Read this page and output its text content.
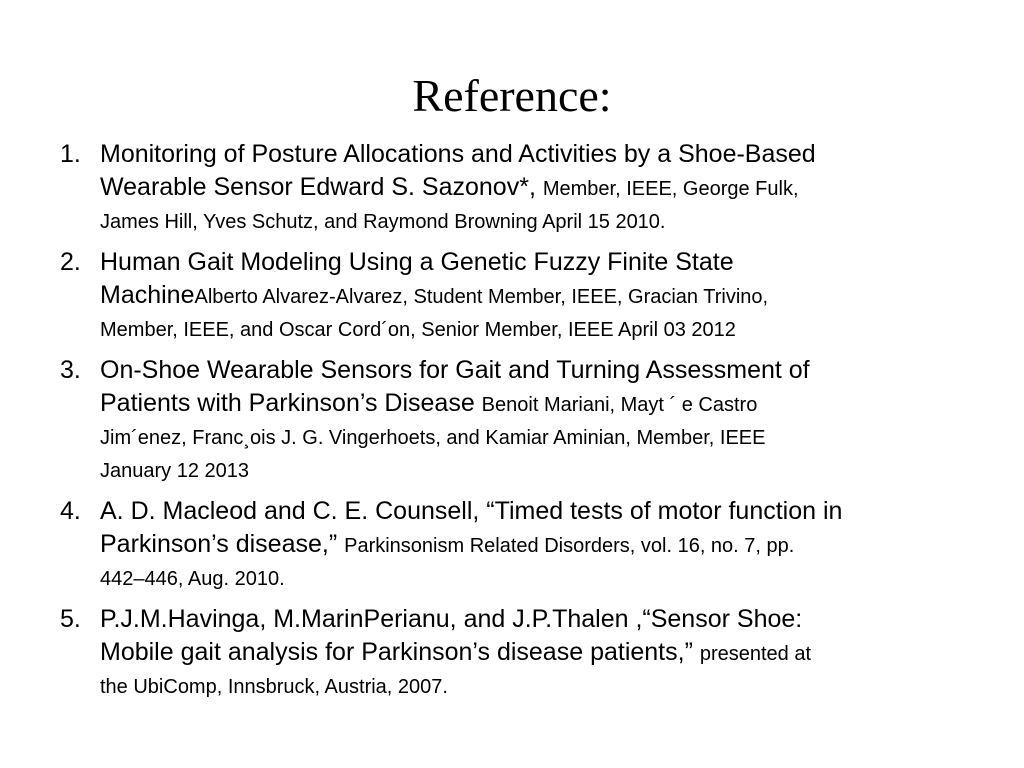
Reference:
1. Monitoring of Posture Allocations and Activities by a Shoe-Based
Wearable Sensor Edward S. Sazonov*, Member, IEEE, George Fulk,
James Hill, Yves Schutz, and Raymond Browning April 15 2010.
2. Human Gait Modeling Using a Genetic Fuzzy Finite State
MachineAlberto Alvarez-Alvarez, Student Member, IEEE, Gracian Trivino,
Member, IEEE, and Oscar Cord´on, Senior Member, IEEE April 03 2012
3. On-Shoe Wearable Sensors for Gait and Turning Assessment of
Patients with Parkinson’s Disease Benoit Mariani, Mayt ´ e Castro
Jim´enez, Franc¸ois J. G. Vingerhoets, and Kamiar Aminian, Member, IEEE
January 12 2013
4. A. D. Macleod and C. E. Counsell, “Timed tests of motor function in
Parkinson’s disease,” Parkinsonism Related Disorders, vol. 16, no. 7, pp.
442–446, Aug. 2010.
5. P.J.M.Havinga, M.MarinPerianu, and J.P.Thalen ,“Sensor Shoe:
Mobile gait analysis for Parkinson’s disease patients,” presented at
the UbiComp, Innsbruck, Austria, 2007.
